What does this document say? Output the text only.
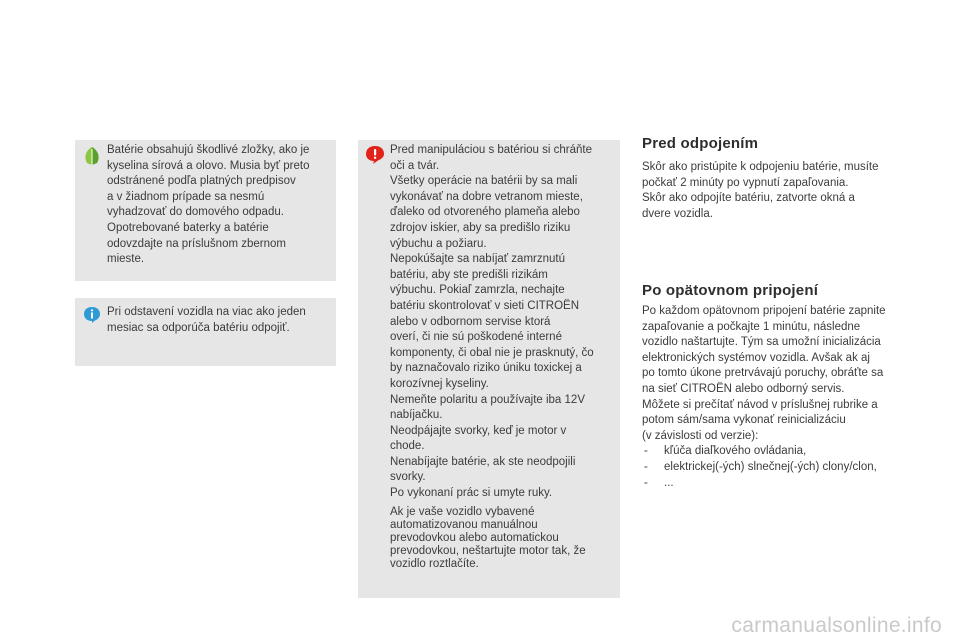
Batérie obsahujú škodlivé zložky, ako je
kyselina sírová a olovo. Musia byť preto
odstránené podľa platných predpisov
a v žiadnom prípade sa nesmú
vyhadzovať do domového odpadu.
Opotrebované baterky a batérie
odovzdajte na príslušnom zbernom
mieste.
Pri odstavení vozidla na viac ako jeden
mesiac sa odporúča batériu odpojiť.
Pred manipuláciou s batériou si chráňte
oči a tvár.
Všetky operácie na batérii by sa mali
vykonávať na dobre vetranom mieste,
ďaleko od otvoreného plameňa alebo
zdrojov iskier, aby sa predišlo riziku
výbuchu a požiaru.
Nepokúšajte sa nabíjať zamrznutú
batériu, aby ste predišli rizikám
výbuchu. Pokiaľ zamrzla, nechajte
batériu skontrolovať v sieti CITROËN
alebo v odbornom servise ktorá
overí, či nie sú poškodené interné
komponenty, či obal nie je prasknutý, čo
by naznačovalo riziko úniku toxickej a
korozívnej kyseliny.
Nemeňte polaritu a používajte iba 12V
nabíjačku.
Neodpájajte svorky, keď je motor v
chode.
Nenabíjajte batérie, ak ste neodpojili
svorky.
Po vykonaní prác si umyte ruky.
Ak je vaše vozidlo vybavené
automatizovanou manuálnou
prevodovkou alebo automatickou
prevodovkou, neštartujte motor tak, že
vozidlo roztlačíte.
Pred odpojením
Skôr ako pristúpite k odpojeniu batérie, musíte
počkať 2 minúty po vypnutí zapaľovania.
Skôr ako odpojíte batériu, zatvorte okná a
dvere vozidla.
Po opätovnom pripojení
Po každom opätovnom pripojení batérie zapnite
zapaľovanie a počkajte 1 minútu, následne
vozidlo naštartujte. Tým sa umožní inicializácia
elektronických systémov vozidla. Avšak ak aj
po tomto úkone pretrvávajú poruchy, obráťte sa
na sieť CITROËN alebo odborný servis.
Môžete si prečítať návod v príslušnej rubrike a
potom sám/sama vykonať reinicializáciu
(v závislosti od verzie):
- kľúča diaľkového ovládania,
- elektrickej(-ých) slnečnej(-ých) clony/clon,
- ...
carmanualsonline.info
